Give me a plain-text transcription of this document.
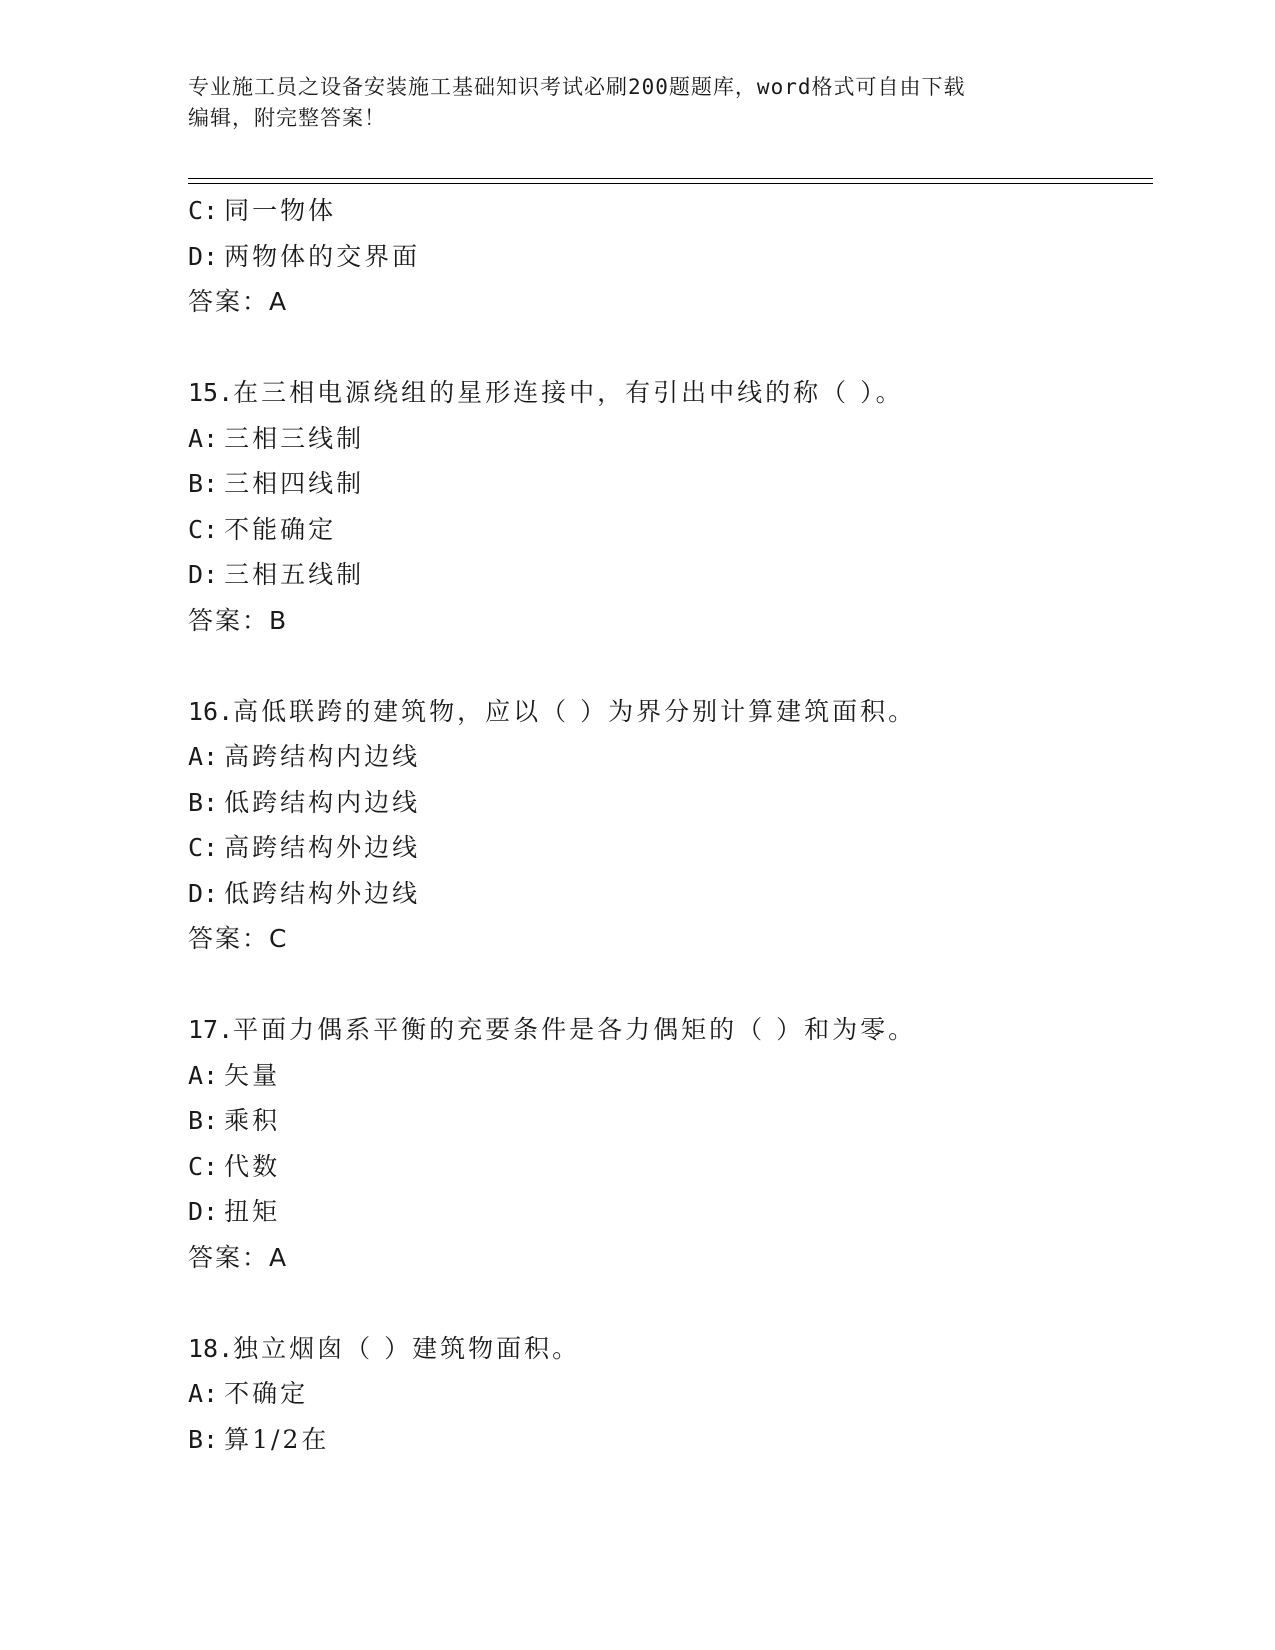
专业施工员之设备安装施工基础知识考试必刷200题题库，word格式可自由下载
编辑，附完整答案！
C: 同一物体
D: 两物体的交界面
答案：A
15.在三相电源绕组的星形连接中，有引出中线的称（ ）。
A: 三相三线制
B: 三相四线制
C: 不能确定
D: 三相五线制
答案：B
16.高低联跨的建筑物，应以（ ）为界分别计算建筑面积。
A: 高跨结构内边线
B: 低跨结构内边线
C: 高跨结构外边线
D: 低跨结构外边线
答案：C
17.平面力偶系平衡的充要条件是各力偶矩的（ ）和为零。
A: 矢量
B: 乘积
C: 代数
D: 扭矩
答案：A
18.独立烟囱（ ）建筑物面积。
A: 不确定
B: 算1/2在
